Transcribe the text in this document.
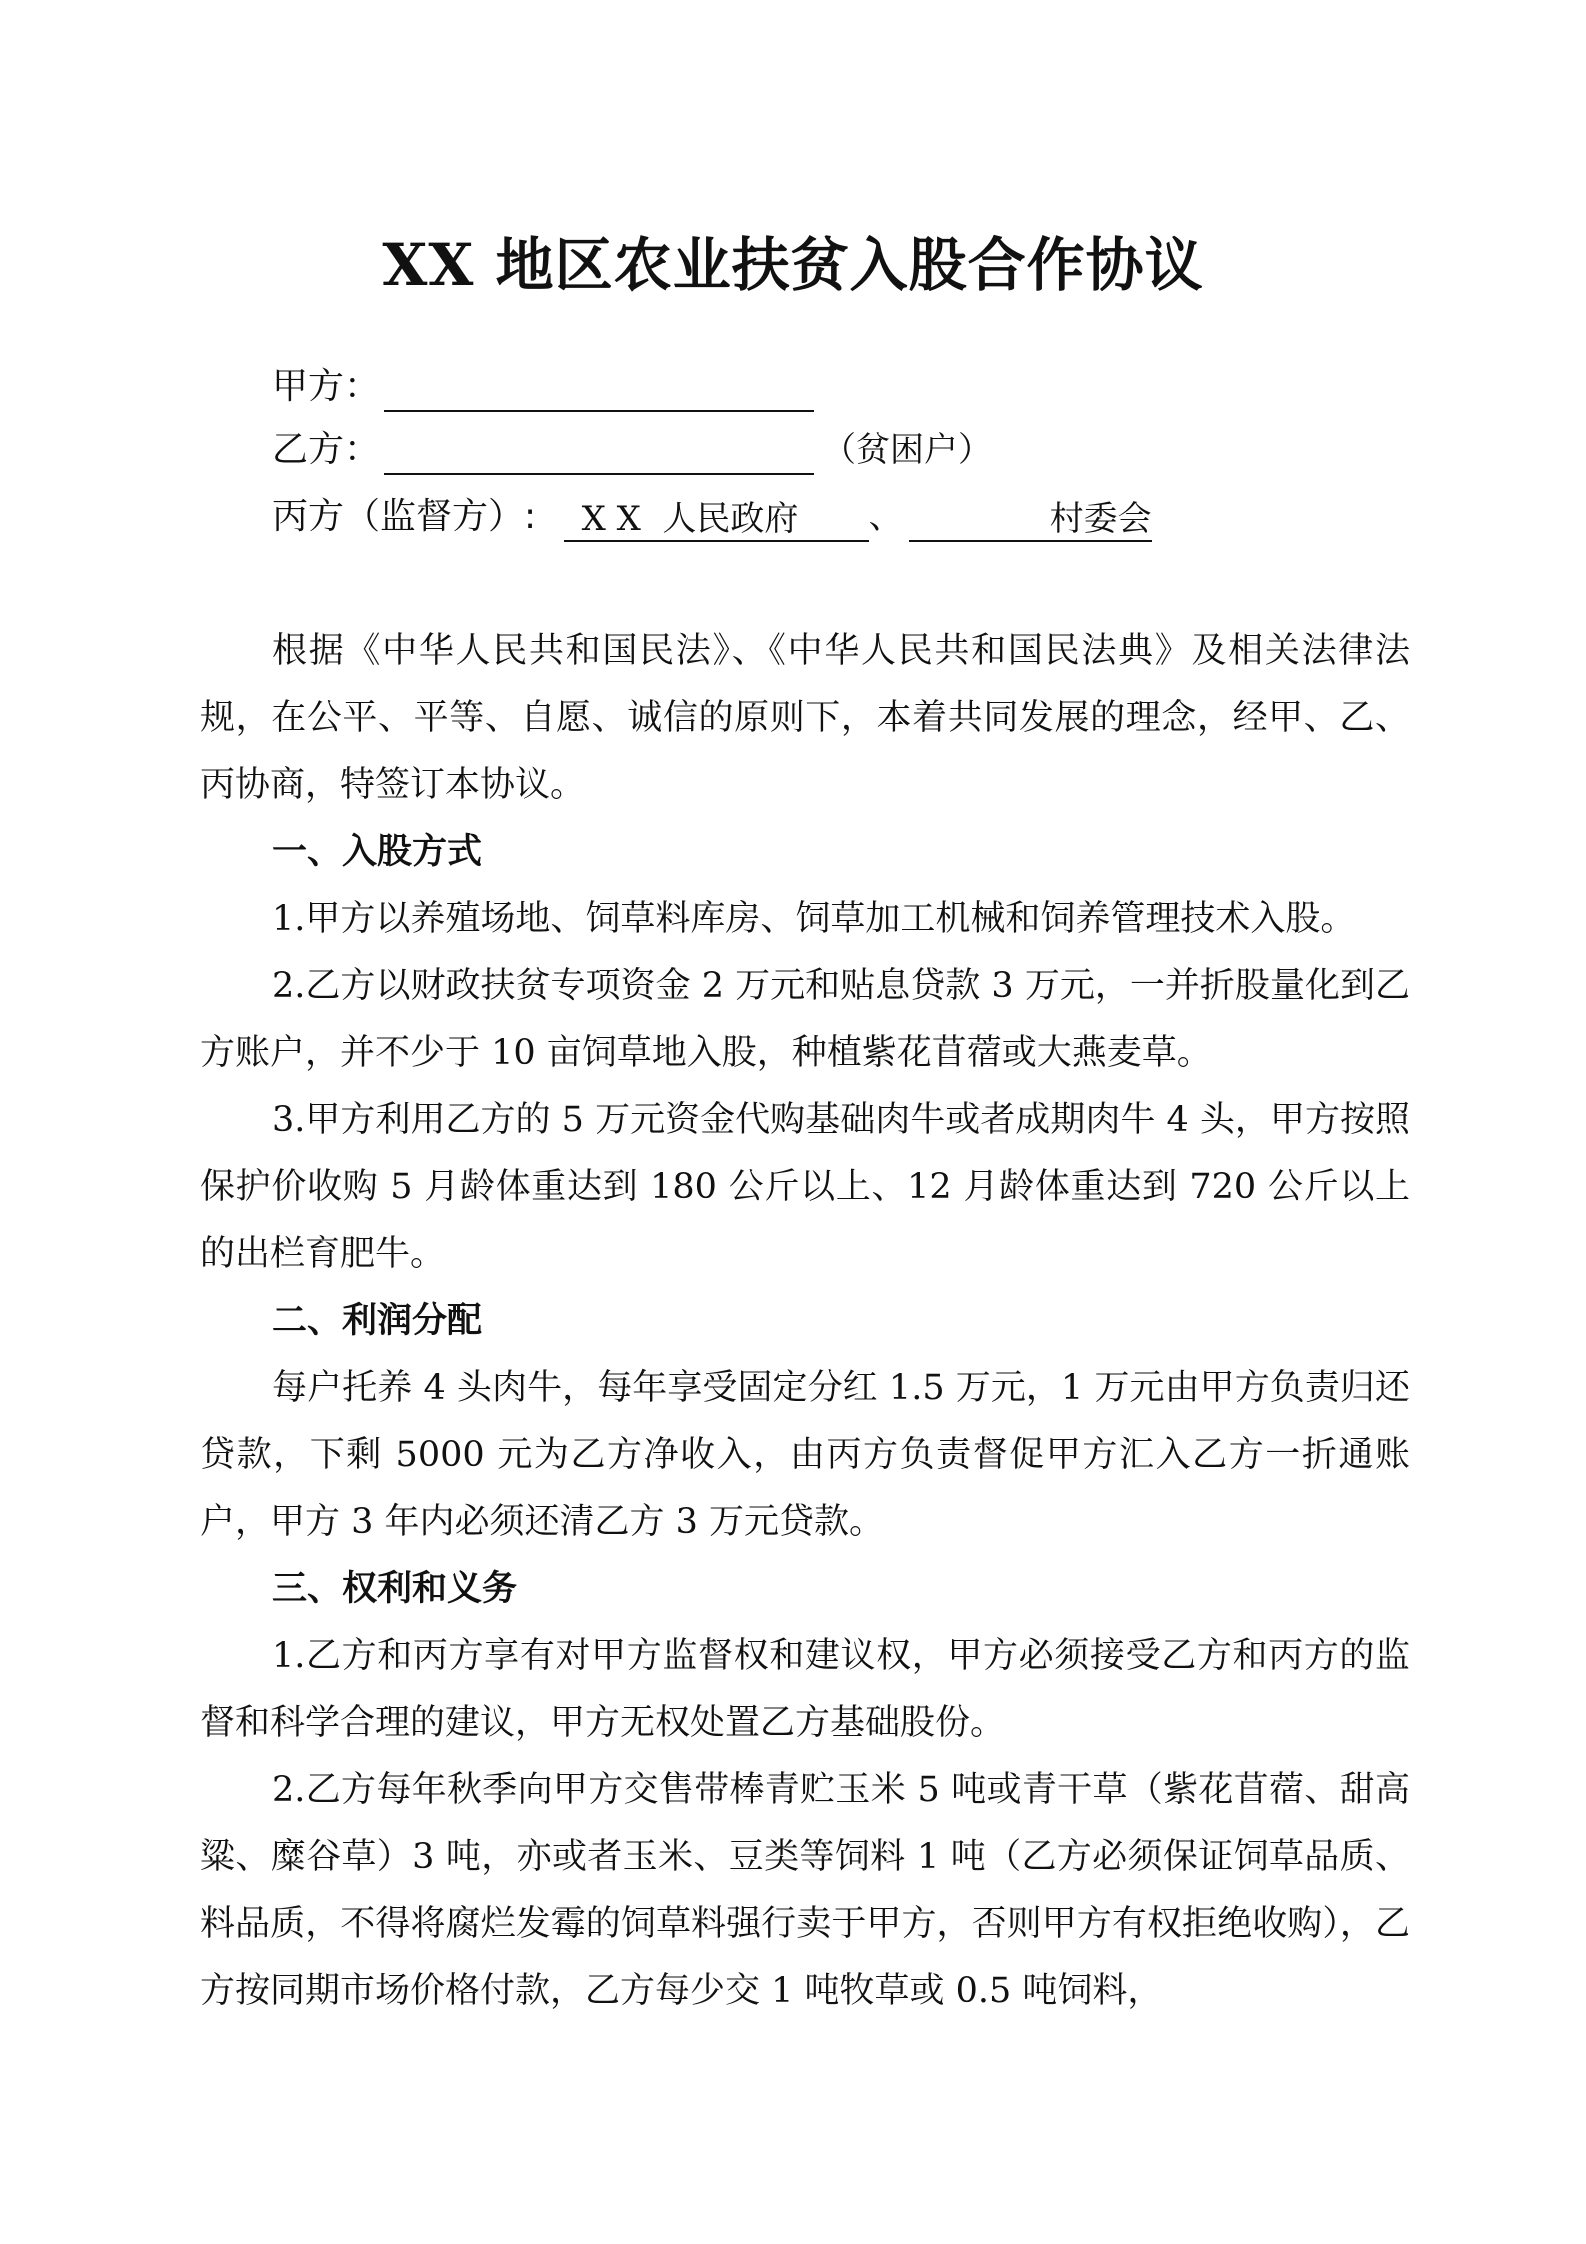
XX 地区农业扶贫入股合作协议
甲方：
乙方：	（贫困户）
丙方（监督方）: X X  人民政府 、	村委会

根据《中华人民共和国民法》、《中华人民共和国民法典》及相关法律法规，在公平、平等、自愿、诚信的原则下，本着共同发展的理念，经甲、乙、丙协商，特签订本协议。

一、入股方式

1.甲方以养殖场地、饲草料库房、饲草加工机械和饲养管理技术入股。

2.乙方以财政扶贫专项资金 2 万元和贴息贷款 3 万元，一并折股量化到乙方账户，并不少于 10 亩饲草地入股，种植紫花苜蓿或大燕麦草。

3.甲方利用乙方的 5 万元资金代购基础肉牛或者成期肉牛 4 头，甲方按照保护价收购 5 月龄体重达到 180 公斤以上、12 月龄体重达到 720 公斤以上的出栏育肥牛。

二、利润分配

每户托养 4 头肉牛，每年享受固定分红 1.5 万元，1 万元由甲方负责归还贷款，下剩 5000 元为乙方净收入，由丙方负责督促甲方汇入乙方一折通账户，甲方 3 年内必须还清乙方 3 万元贷款。

三、权利和义务

1.乙方和丙方享有对甲方监督权和建议权，甲方必须接受乙方和丙方的监督和科学合理的建议，甲方无权处置乙方基础股份。

2.乙方每年秋季向甲方交售带棒青贮玉米 5 吨或青干草（紫花苜蓿、甜高粱、糜谷草）3 吨，亦或者玉米、豆类等饲料 1 吨（乙方必须保证饲草品质、料品质，不得将腐烂发霉的饲草料强行卖于甲方，否则甲方有权拒绝收购），乙方按同期市场价格付款，乙方每少交 1 吨牧草或 0.5 吨饲料，
